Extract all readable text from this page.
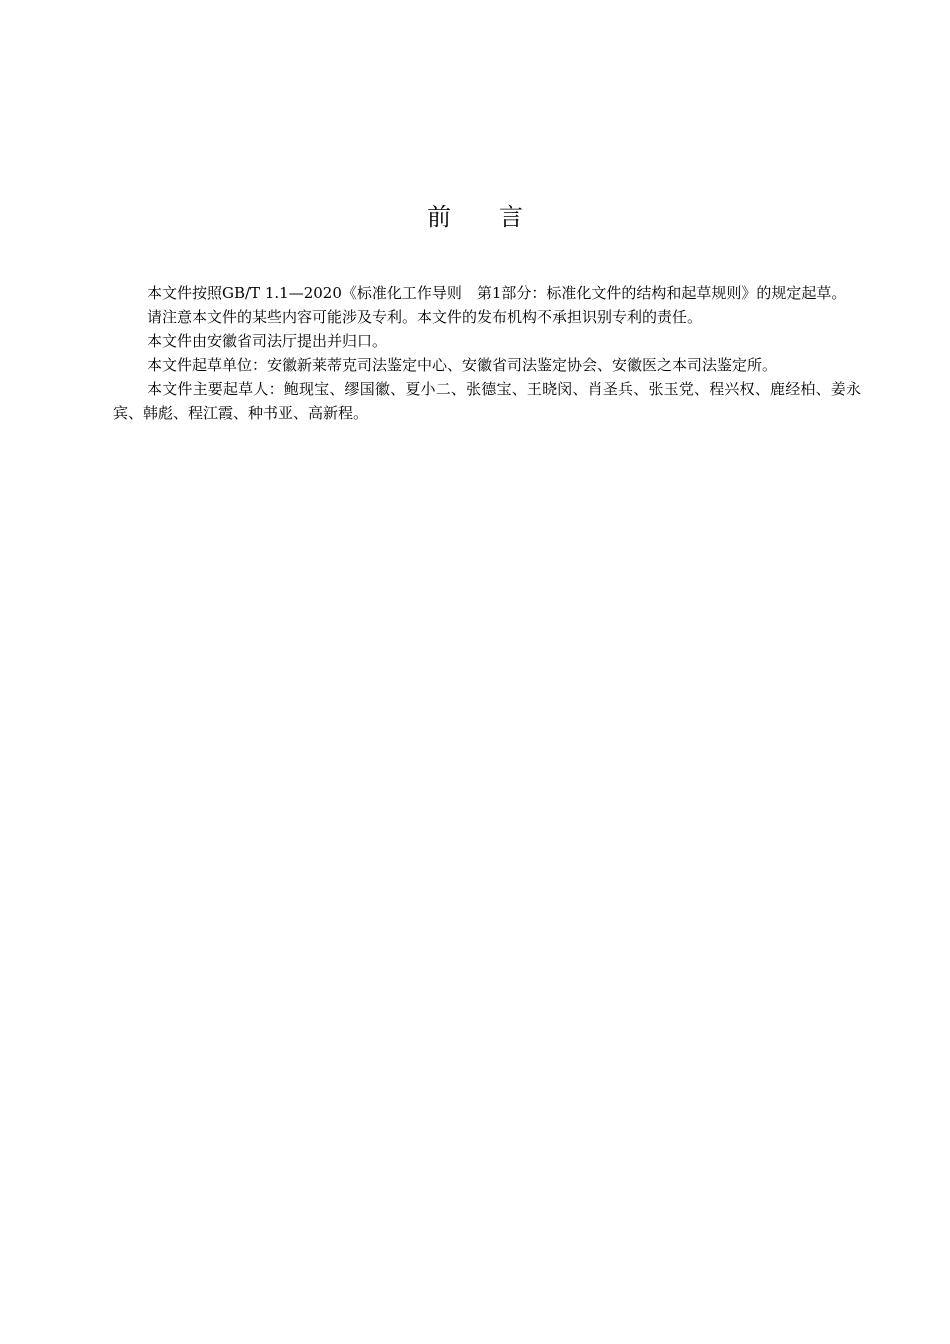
前 言

本文件按照GB/T 1.1—2020《标准化工作导则　第1部分：标准化文件的结构和起草规则》的规定起草。

请注意本文件的某些内容可能涉及专利。本文件的发布机构不承担识别专利的责任。

本文件由安徽省司法厅提出并归口。

本文件起草单位：安徽新莱蒂克司法鉴定中心、安徽省司法鉴定协会、安徽医之本司法鉴定所。

本文件主要起草人：鲍现宝、缪国徽、夏小二、张德宝、王晓闵、肖圣兵、张玉党、程兴权、鹿经柏、姜永宾、韩彪、程江霞、种书亚、高新程。
